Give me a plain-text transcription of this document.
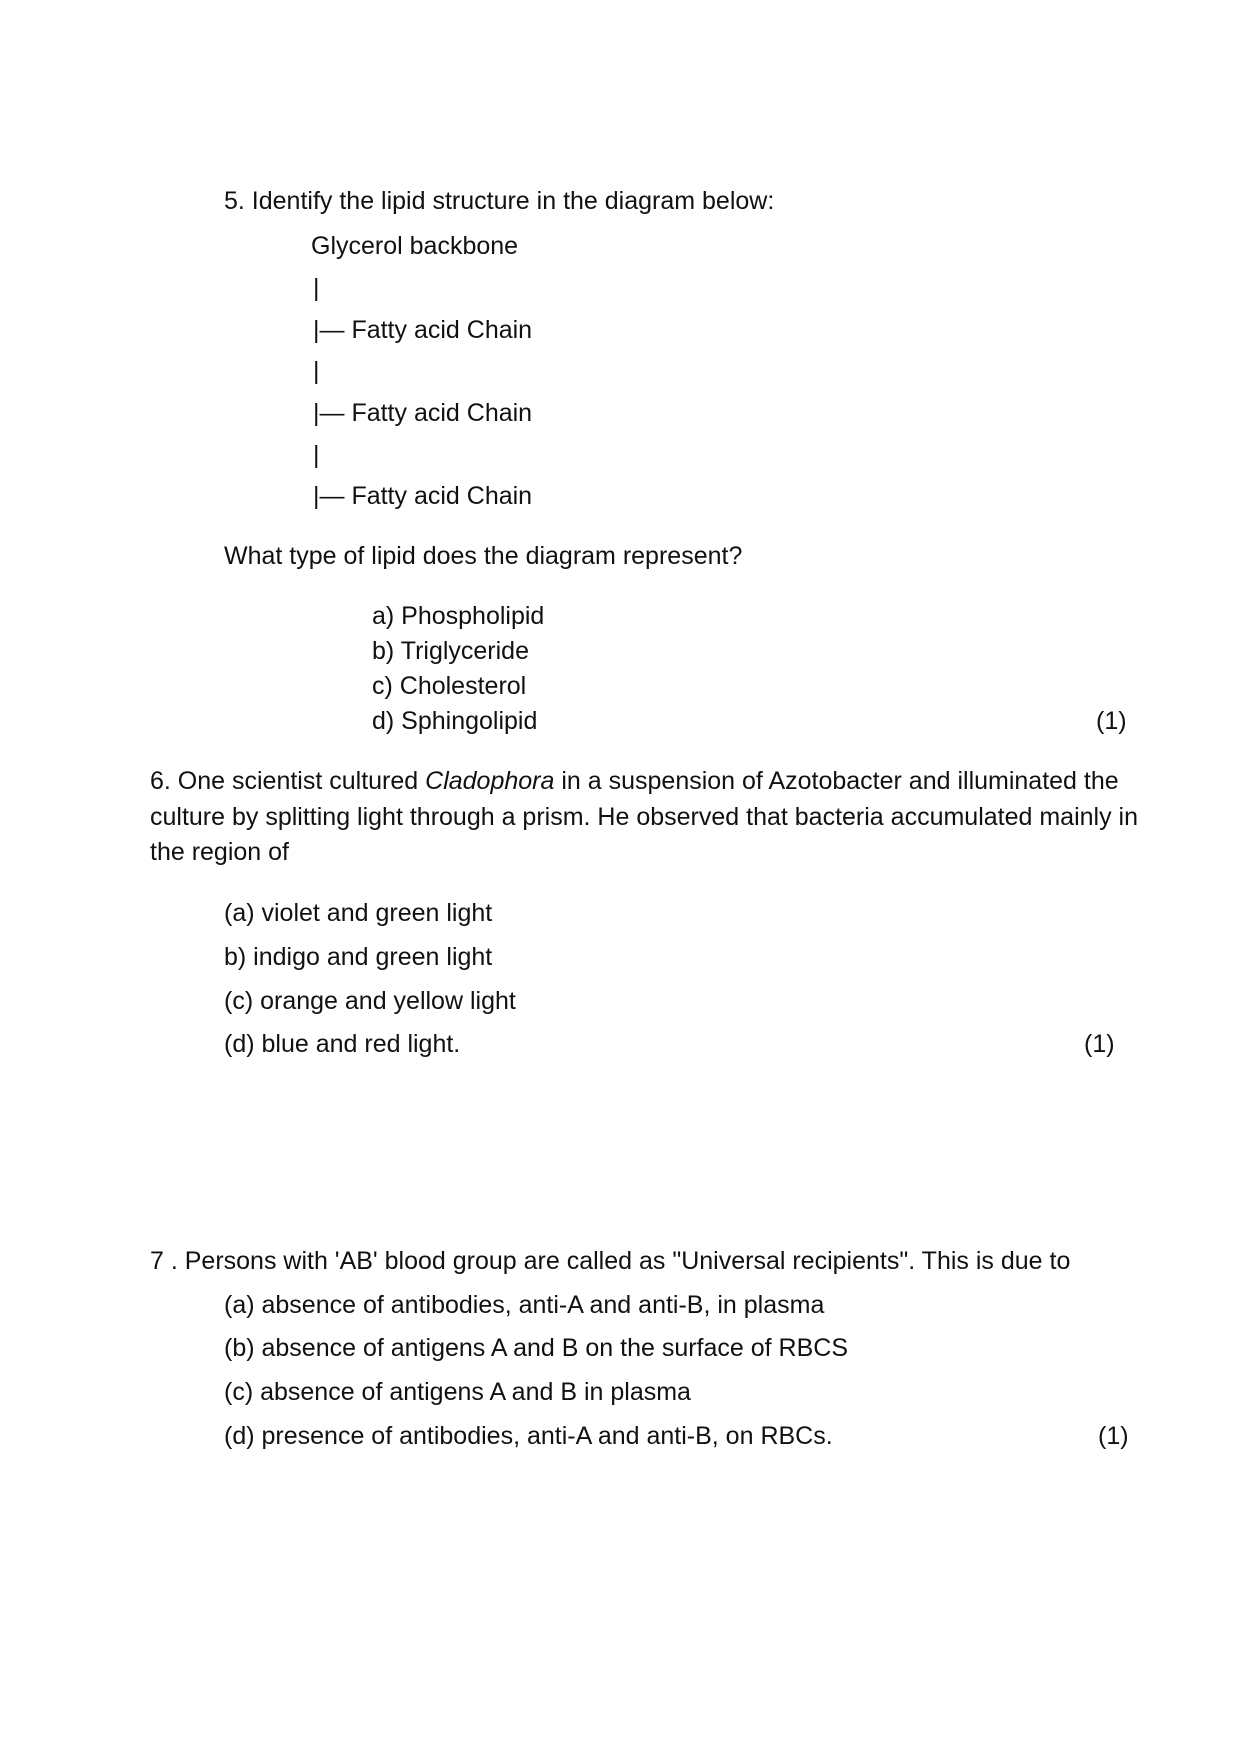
5. Identify the lipid structure in the diagram below:
Glycerol backbone
|
|— Fatty acid Chain
|
|— Fatty acid Chain
|
|— Fatty acid Chain
What type of lipid does the diagram represent?
a) Phospholipid
b) Triglyceride
c) Cholesterol
d) Sphingolipid	(1)
6. One scientist cultured Cladophora in a suspension of Azotobacter and illuminated the culture by splitting light through a prism. He observed that bacteria accumulated mainly in the region of
(a) violet and green light
b) indigo and green light
(c) orange and yellow light
(d) blue and red light.	(1)
7 . Persons with 'AB' blood group are called as "Universal recipients". This is due to
(a) absence of antibodies, anti-A and anti-B, in plasma
(b) absence of antigens A and B on the surface of RBCS
(c) absence of antigens A and B in plasma
(d) presence of antibodies, anti-A and anti-B, on RBCs.	(1)
